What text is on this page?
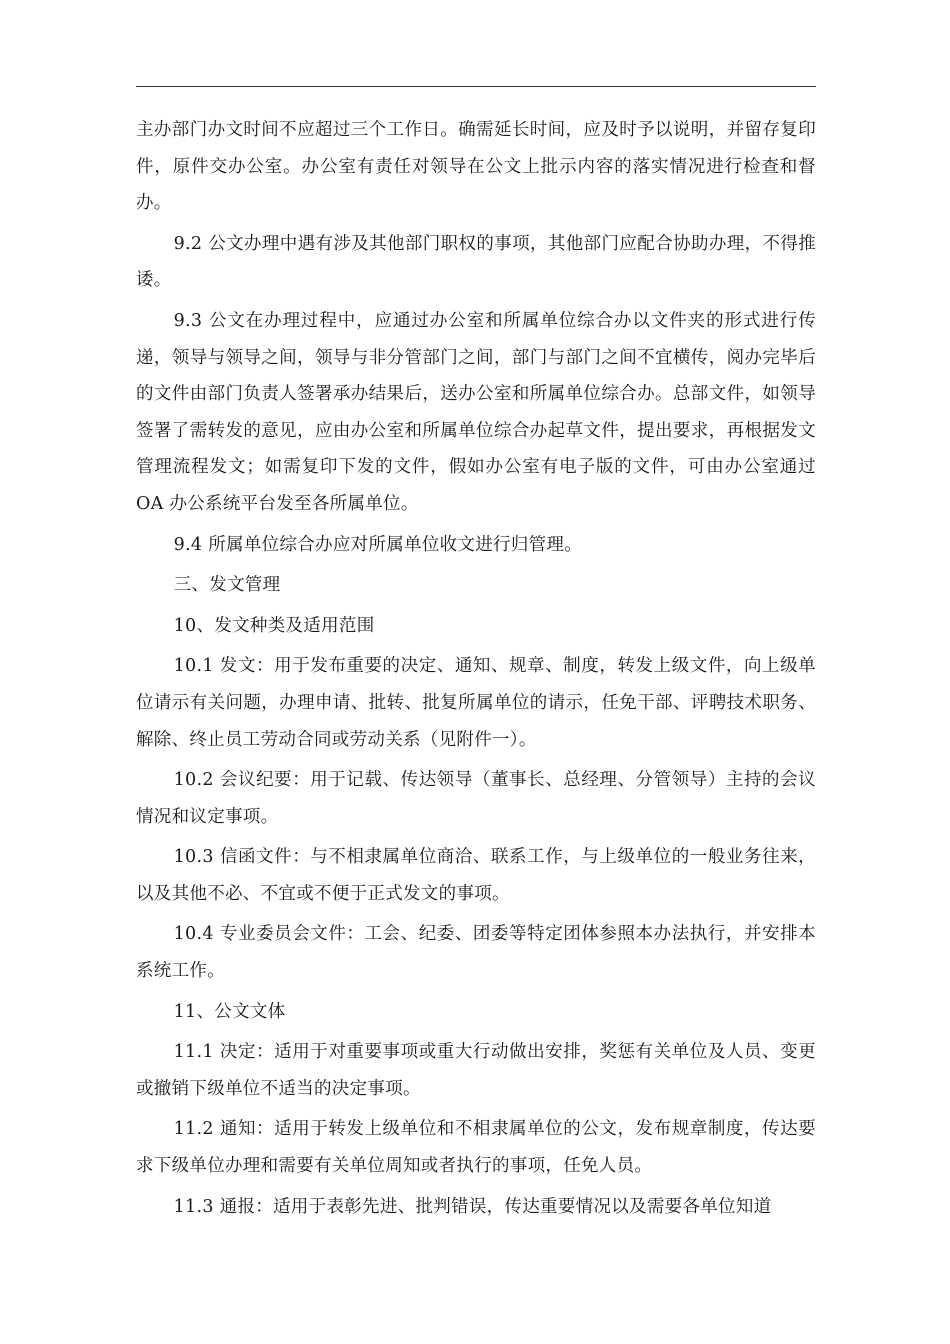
主办部门办文时间不应超过三个工作日。确需延长时间，应及时予以说明，并留存复印件，原件交办公室。办公室有责任对领导在公文上批示内容的落实情况进行检查和督办。

9.2 公文办理中遇有涉及其他部门职权的事项，其他部门应配合协助办理，不得推诿。

9.3 公文在办理过程中，应通过办公室和所属单位综合办以文件夹的形式进行传递，领导与领导之间，领导与非分管部门之间，部门与部门之间不宜横传，阅办完毕后的文件由部门负责人签署承办结果后，送办公室和所属单位综合办。总部文件，如领导签署了需转发的意见，应由办公室和所属单位综合办起草文件，提出要求，再根据发文管理流程发文；如需复印下发的文件，假如办公室有电子版的文件，可由办公室通过 OA 办公系统平台发至各所属单位。

9.4 所属单位综合办应对所属单位收文进行归管理。

三、发文管理

10、发文种类及适用范围

10.1 发文：用于发布重要的决定、通知、规章、制度，转发上级文件，向上级单位请示有关问题，办理申请、批转、批复所属单位的请示，任免干部、评聘技术职务、解除、终止员工劳动合同或劳动关系（见附件一）。

10.2 会议纪要：用于记载、传达领导（董事长、总经理、分管领导）主持的会议情况和议定事项。

10.3 信函文件：与不相隶属单位商洽、联系工作，与上级单位的一般业务往来，以及其他不必、不宜或不便于正式发文的事项。

10.4 专业委员会文件：工会、纪委、团委等特定团体参照本办法执行，并安排本系统工作。

11、公文文体

11.1 决定：适用于对重要事项或重大行动做出安排，奖惩有关单位及人员、变更或撤销下级单位不适当的决定事项。

11.2 通知：适用于转发上级单位和不相隶属单位的公文，发布规章制度，传达要求下级单位办理和需要有关单位周知或者执行的事项，任免人员。

11.3 通报：适用于表彰先进、批判错误，传达重要情况以及需要各单位知道
